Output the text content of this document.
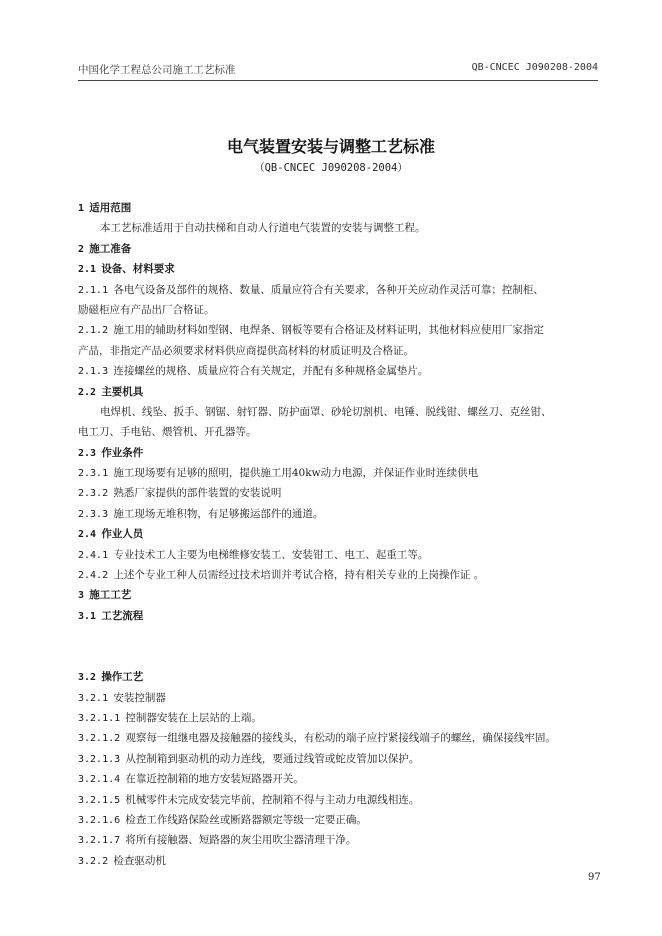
中国化学工程总公司施工工艺标准	QB-CNCEC J090208-2004
电气装置安装与调整工艺标准
（QB-CNCEC J090208-2004）
1  适用范围
本工艺标准适用于自动扶梯和自动人行道电气装置的安装与调整工程。
2  施工准备
2.1  设备、材料要求
2.1.1  各电气设备及部件的规格、数量、质量应符合有关要求，各种开关应动作灵活可靠；控制柜、
励磁柜应有产品出厂合格证。
2.1.2  施工用的辅助材料如型钢、电焊条、钢板等要有合格证及材料证明，其他材料应使用厂家指定
产品，非指定产品必须要求材料供应商提供高材料的材质证明及合格证。
2.1.3  连接螺丝的规格、质量应符合有关规定，并配有多种规格金属垫片。
2.2  主要机具
电焊机、线坠、扳手、钢锯、射钉器、防护面罩、砂轮切割机、电锤、脱线钳、螺丝刀、克丝钳、
电工刀、手电钻、煨管机、开孔器等。
2.3  作业条件
2.3.1  施工现场要有足够的照明，提供施工用40kw动力电源，并保证作业时连续供电
2.3.2  熟悉厂家提供的部件装置的安装说明
2.3.3  施工现场无堆积物，有足够搬运部件的通道。
2.4  作业人员
2.4.1  专业技术工人主要为电梯维修安装工、安装钳工、电工、起重工等。
2.4.2  上述个专业工种人员需经过技术培训并考试合格，持有相关专业的上岗操作证 。
3  施工工艺
3.1  工艺流程
3.2  操作工艺
3.2.1  安装控制器
3.2.1.1  控制器安装在上层站的上端。
3.2.1.2  观察每一组继电器及接触器的接线头，有松动的端子应拧紧接线端子的螺丝，确保接线牢固。
3.2.1.3  从控制箱到驱动机的动力连线，要通过线管或蛇皮管加以保护。
3.2.1.4  在靠近控制箱的地方安装短路器开关。
3.2.1.5  机械零件未完成安装完毕前，控制箱不得与主动力电源线相连。
3.2.1.6  检查工作线路保险丝或断路器额定等级一定要正确。
3.2.1.7  将所有接触器、短路器的灰尘用吹尘器清理干净。
3.2.2  检查驱动机
97
